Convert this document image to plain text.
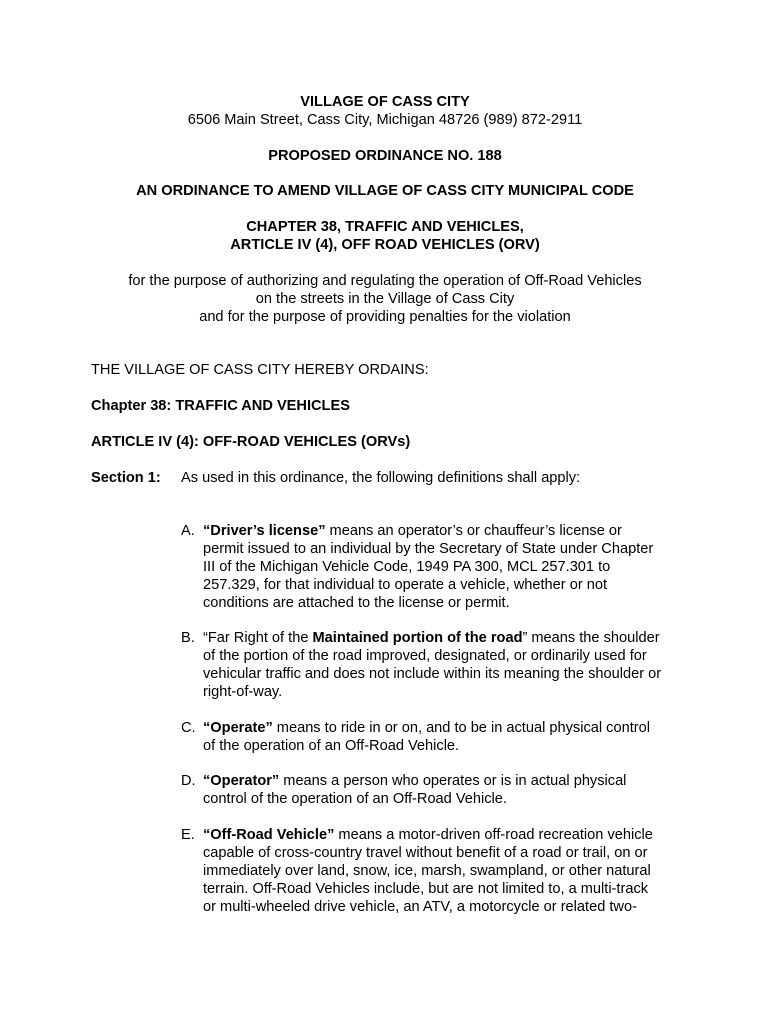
VILLAGE OF CASS CITY
6506 Main Street, Cass City, Michigan 48726 (989) 872-2911
PROPOSED ORDINANCE NO. 188
AN ORDINANCE TO AMEND VILLAGE OF CASS CITY MUNICIPAL CODE
CHAPTER 38, TRAFFIC AND VEHICLES,
ARTICLE IV (4), OFF ROAD VEHICLES (ORV)
for the purpose of authorizing and regulating the operation of Off-Road Vehicles
on the streets in the Village of Cass City
and for the purpose of providing penalties for the violation
THE VILLAGE OF CASS CITY HEREBY ORDAINS:
Chapter 38: TRAFFIC AND VEHICLES
ARTICLE IV (4): OFF-ROAD VEHICLES (ORVs)
Section 1: As used in this ordinance, the following definitions shall apply:
A. “Driver’s license” means an operator’s or chauffeur’s license or
permit issued to an individual by the Secretary of State under Chapter
III of the Michigan Vehicle Code, 1949 PA 300, MCL 257.301 to
257.329, for that individual to operate a vehicle, whether or not
conditions are attached to the license or permit.
B. “Far Right of the Maintained portion of the road” means the shoulder
of the portion of the road improved, designated, or ordinarily used for
vehicular traffic and does not include within its meaning the shoulder or
right-of-way.
C. “Operate” means to ride in or on, and to be in actual physical control
of the operation of an Off-Road Vehicle.
D. “Operator” means a person who operates or is in actual physical
control of the operation of an Off-Road Vehicle.
E. “Off-Road Vehicle” means a motor-driven off-road recreation vehicle
capable of cross-country travel without benefit of a road or trail, on or
immediately over land, snow, ice, marsh, swampland, or other natural
terrain. Off-Road Vehicles include, but are not limited to, a multi-track
or multi-wheeled drive vehicle, an ATV, a motorcycle or related two-
